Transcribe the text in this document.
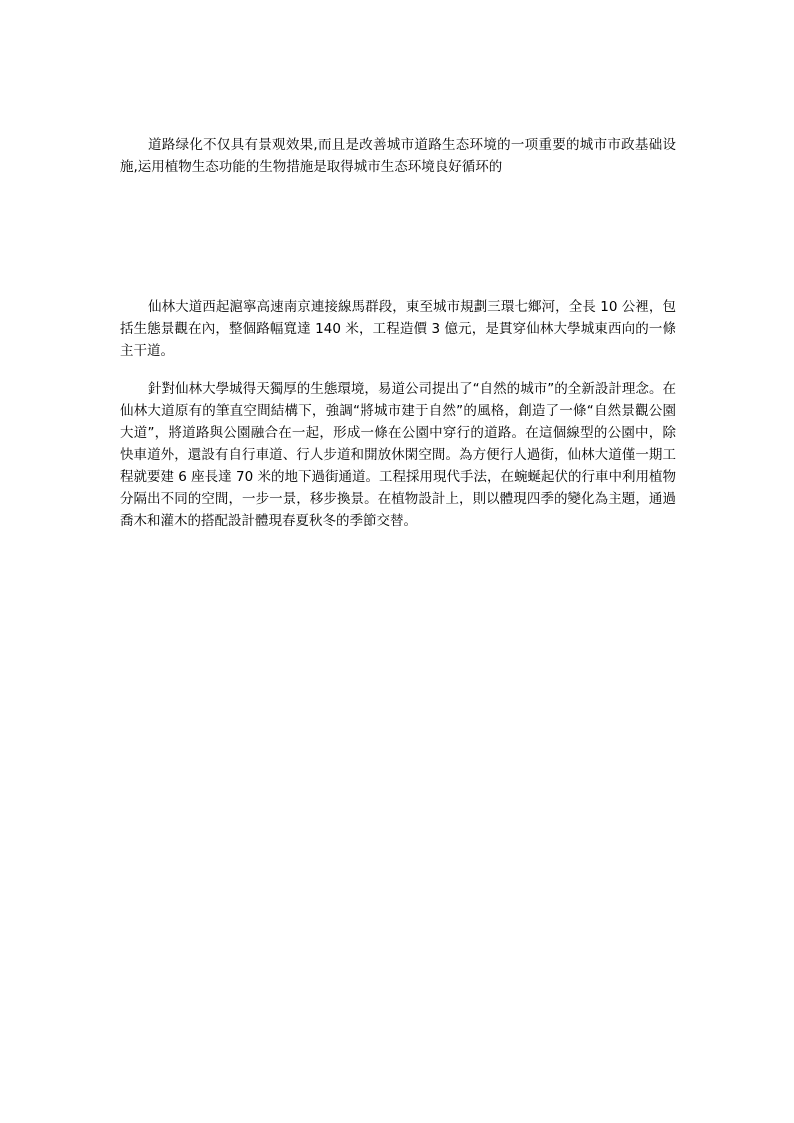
道路绿化不仅具有景观效果,而且是改善城市道路生态环境的一项重要的城市市政基础设施,运用植物生态功能的生物措施是取得城市生态环境良好循环的

仙林大道西起滬寧高速南京連接線馬群段，東至城市規劃三環七鄉河，全長 10 公裡，包括生態景觀在內，整個路幅寬達 140 米，工程造價 3 億元，是貫穿仙林大學城東西向的一條主干道。

針對仙林大學城得天獨厚的生態環境，易道公司提出了“自然的城市”的全新設計理念。在仙林大道原有的筆直空間結構下，強調“將城市建于自然”的風格，創造了一條“自然景觀公園大道”，將道路與公園融合在一起，形成一條在公園中穿行的道路。在這個線型的公園中，除快車道外，還設有自行車道、行人步道和開放休閑空間。為方便行人過街，仙林大道僅一期工程就要建 6 座長達 70 米的地下過街通道。工程採用現代手法，在蜿蜒起伏的行車中利用植物分隔出不同的空間，一步一景，移步換景。在植物設計上，則以體現四季的變化為主題，通過喬木和灌木的搭配設計體現春夏秋冬的季節交替。
